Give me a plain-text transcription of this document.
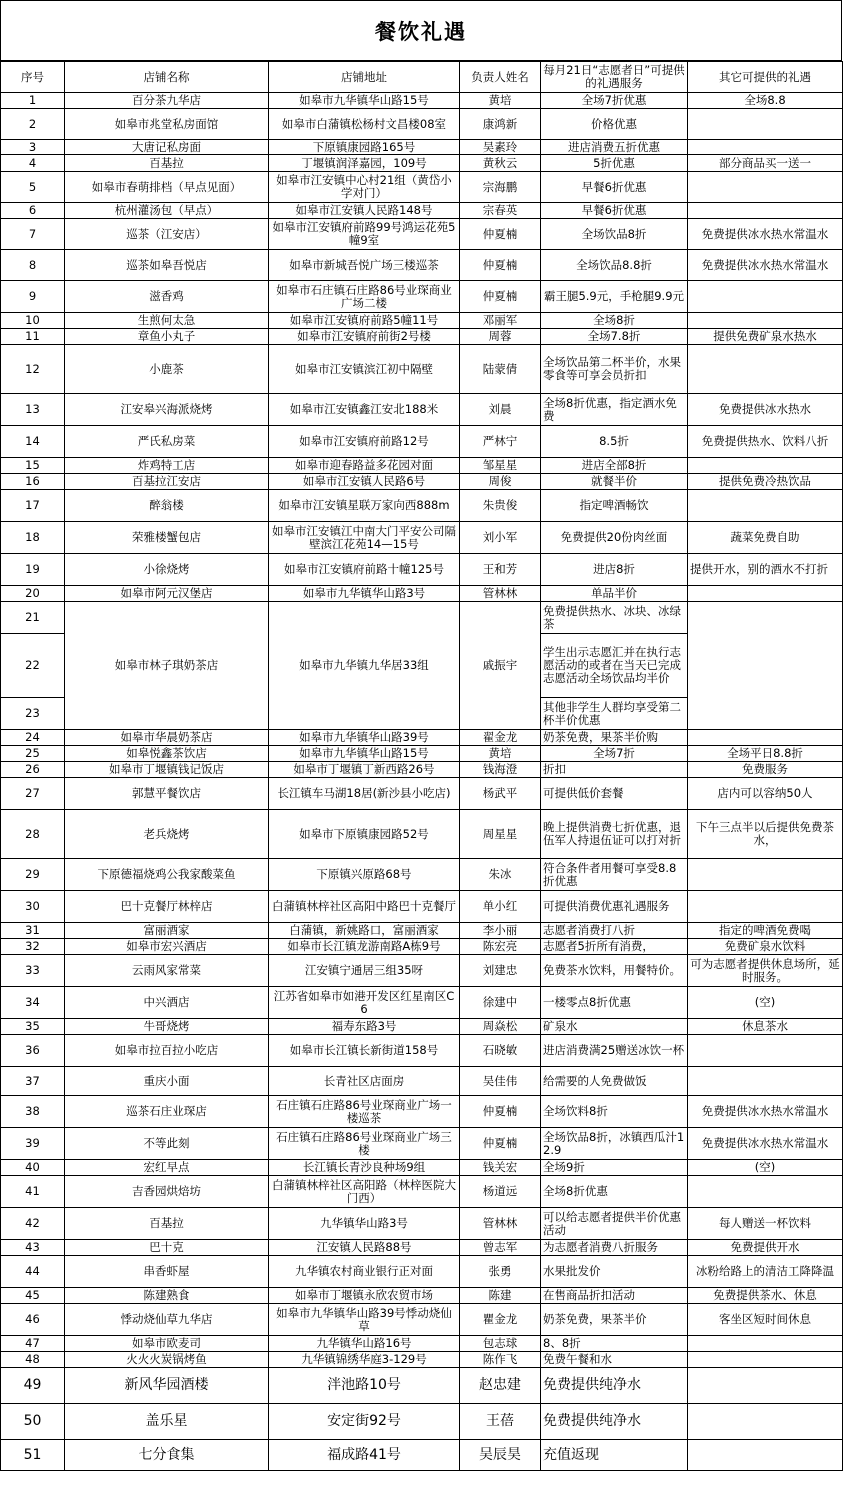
餐饮礼遇
序号	店铺名称	店铺地址	负责人姓名	每月21日“志愿者日”可提供的礼遇服务	其它可提供的礼遇
1	百分茶九华店	如皋市九华镇华山路15号	黄培	全场7折优惠	全场8.8
2	如皋市兆堂私房面馆	如皋市白蒲镇松杨村文昌楼08室	康鸿新	价格优惠	
3	大唐记私房面	下原镇康园路165号	吴素玲	进店消费五折优惠	
4	百基拉	丁堰镇润泽嘉园，109号	黄秋云	5折优惠	部分商品买一送一
5	如皋市春萌排档（早点见面）	如皋市江安镇中心村21组（黄岱小学对门）	宗海鹏	早餐6折优惠	
6	杭州灌汤包（早点）	如皋市江安镇人民路148号	宗春英	早餐6折优惠	
7	巡茶（江安店）	如皋市江安镇府前路99号鸿运花苑5幢9室	仲夏楠	全场饮品8折	免费提供冰水热水常温水
8	巡茶如皋吾悦店	如皋市新城吾悦广场三楼巡茶	仲夏楠	全场饮品8.8折	免费提供冰水热水常温水
9	滋香鸡	如皋市石庄镇石庄路86号业琛商业广场二楼	仲夏楠	霸王腿5.9元，手枪腿9.9元	
10	生煎何太急	如皋市江安镇府前路5幢11号	邓丽军	全场8折	
11	章鱼小丸子	如皋市江安镇府前街2号楼	周蓉	全场7.8折	提供免费矿泉水热水
12	小鹿茶	如皋市江安镇滨江初中隔壁	陆蒙倩	全场饮品第二杯半价，水果零食等可享会员折扣	
13	江安皋兴海派烧烤	如皋市江安镇鑫江安北188米	刘晨	全场8折优惠，指定酒水免费	免费提供冰水热水
14	严氏私房菜	如皋市江安镇府前路12号	严林宁	8.5折	免费提供热水、饮料八折
15	炸鸡特工店	如皋市迎春路益多花园对面	邹星星	进店全部8折	
16	百基拉江安店	如皋市江安镇人民路6号	周俊	就餐半价	提供免费冷热饮品
17	醉翁楼	如皋市江安镇星联万家向西888m	朱贵俊	指定啤酒畅饮	
18	荣雅楼蟹包店	如皋市江安镇江中南大门平安公司隔壁滨江花苑14—15号	刘小军	免费提供20份肉丝面	蔬菜免费自助
19	小徐烧烤	如皋市江安镇府前路十幢125号	王和芳	进店8折	提供开水，别的酒水不打折
20	如皋市阿元汉堡店	如皋市九华镇华山路3号	管林林	单品半价	
21	如皋市林子琪奶茶店	如皋市九华镇九华居33组	戚振宇	免费提供热水、冰块、冰绿茶	
22				学生出示志愿汇并在执行志愿活动的或者在当天已完成志愿活动全场饮品均半价	
23				其他非学生人群均享受第二杯半价优惠	
24	如皋市华晨奶茶店	如皋市九华镇华山路39号	翟金龙	奶茶免费，果茶半价购	
25	如皋悦鑫茶饮店	如皋市九华镇华山路15号	黄培	全场7折	全场平日8.8折
26	如皋市丁堰镇钱记饭店	如皋市丁堰镇丁新西路26号	钱海澄	折扣	免费服务
27	郭慧平餐饮店	长江镇车马湖18居(新沙县小吃店)	杨武平	可提供低价套餐	店内可以容纳50人
28	老兵烧烤	如皋市下原镇康园路52号	周星星	晚上提供消费七折优惠，退伍军人持退伍证可以打对折	下午三点半以后提供免费茶水，
29	下原德福烧鸡公我家酸菜鱼	下原镇兴原路68号	朱冰	符合条件者用餐可享受8.8折优惠	
30	巴十克餐厅林梓店	白蒲镇林梓社区高阳中路巴十克餐厅	单小红	可提供消费优惠礼遇服务	
31	富丽酒家	白蒲镇，新姚路口，富丽酒家	李小丽	志愿者消费打八折	指定的啤酒免费喝
32	如皋市宏兴酒店	如皋市长江镇龙游南路A栋9号	陈宏亮	志愿者5折所有消费，	免费矿泉水饮料
33	云雨风家常菜	江安镇宁通居三组35呀	刘建忠	免费茶水饮料，用餐特价。	可为志愿者提供休息场所，延时服务。
34	中兴酒店	江苏省如皋市如港开发区红星南区C6	徐建中	一楼零点8折优惠	(空)
35	牛哥烧烤	福寿东路3号	周焱松	矿泉水	休息茶水
36	如皋市拉百拉小吃店	如皋市长江镇长新街道158号	石晓敏	进店消费满25赠送冰饮一杯	
37	重庆小面	长青社区店面房	吴佳伟	给需要的人免费做饭	
38	巡茶石庄业琛店	石庄镇石庄路86号业琛商业广场一楼巡茶	仲夏楠	全场饮料8折	免费提供冰水热水常温水
39	不等此刻	石庄镇石庄路86号业琛商业广场三楼	仲夏楠	全场饮品8折，冰镇西瓜汁12.9	免费提供冰水热水常温水
40	宏红早点	长江镇长青沙良种场9组	钱关宏	全场9折	(空)
41	吉香园烘焙坊	白蒲镇林梓社区高阳路（林梓医院大门西）	杨道远	全场8折优惠	
42	百基拉	九华镇华山路3号	管林林	可以给志愿者提供半价优惠活动	每人赠送一杯饮料
43	巴十克	江安镇人民路88号	曾志军	为志愿者消费八折服务	免费提供开水
44	串香虾屋	九华镇农村商业银行正对面	张勇	水果批发价	冰粉给路上的清洁工降降温
45	陈建熟食	如皋市丁堰镇永欣农贸市场	陈建	在售商品折扣活动	免费提供茶水、休息
46	悸动烧仙草九华店	如皋市九华镇华山路39号悸动烧仙草	瞿金龙	奶茶免费，果茶半价	客坐区短时间休息
47	如皋市欧麦司	九华镇华山路16号	包志球	8、8折	
48	火火火炭锅烤鱼	九华镇锦绣华庭3-129号	陈作飞	免费午餐和水	
49	新风华园酒楼	泮池路10号	赵忠建	免费提供纯净水	
50	盖乐星	安定街92号	王蓓	免费提供纯净水	
51	七分食集	福成路41号	吴辰昊	充值返现	
